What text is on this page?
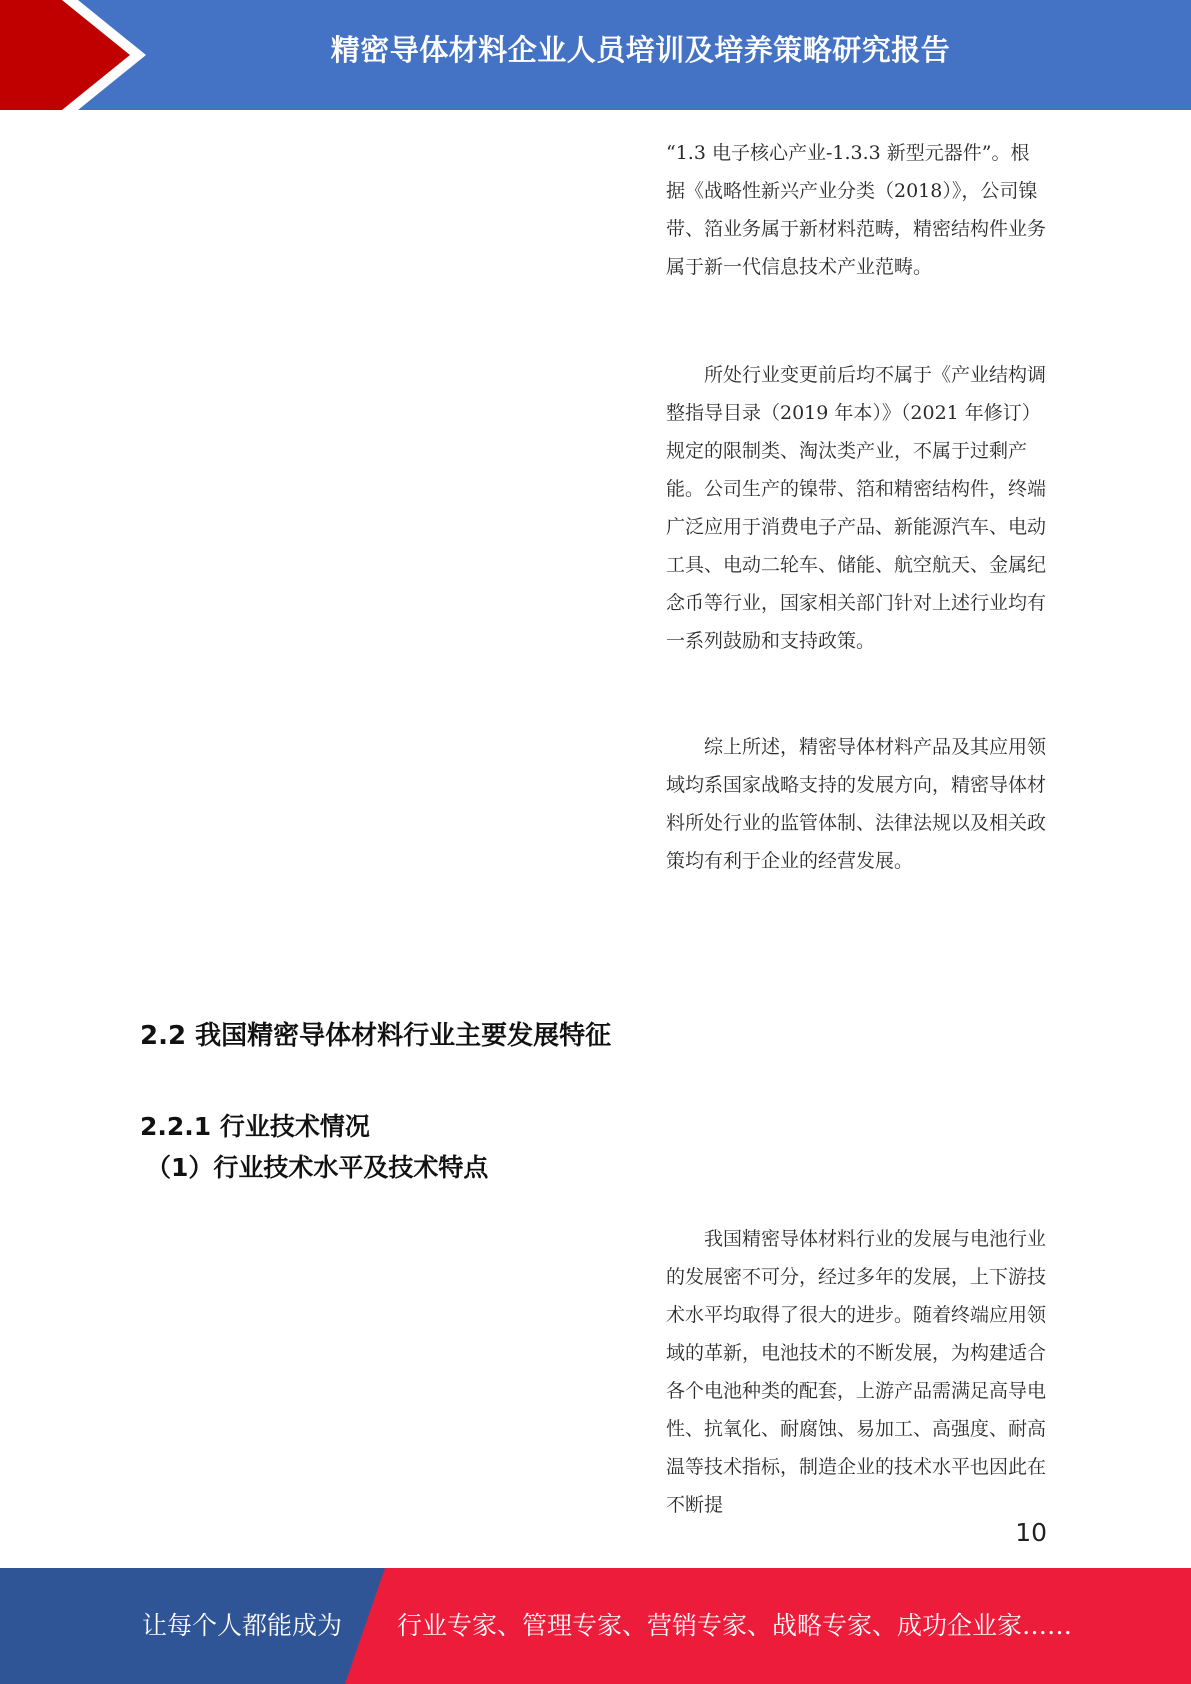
精密导体材料企业人员培训及培养策略研究报告

“1.3 电子核心产业-1.3.3 新型元器件”。根据《战略性新兴产业分类（2018）》，公司镍带、箔业务属于新材料范畴，精密结构件业务属于新一代信息技术产业范畴。

所处行业变更前后均不属于《产业结构调整指导目录（2019 年本）》（2021 年修订）规定的限制类、淘汰类产业，不属于过剩产能。公司生产的镍带、箔和精密结构件，终端广泛应用于消费电子产品、新能源汽车、电动工具、电动二轮车、储能、航空航天、金属纪念币等行业，国家相关部门针对上述行业均有一系列鼓励和支持政策。

综上所述，精密导体材料产品及其应用领域均系国家战略支持的发展方向，精密导体材料所处行业的监管体制、法律法规以及相关政策均有利于企业的经营发展。

2.2 我国精密导体材料行业主要发展特征
2.2.1 行业技术情况
（1）行业技术水平及技术特点

我国精密导体材料行业的发展与电池行业的发展密不可分，经过多年的发展，上下游技术水平均取得了很大的进步。随着终端应用领域的革新，电池技术的不断发展，为构建适合各个电池种类的配套，上游产品需满足高导电性、抗氧化、耐腐蚀、易加工、高强度、耐高温等技术指标，制造企业的技术水平也因此在不断提

10
让每个人都能成为 行业专家、管理专家、营销专家、战略专家、成功企业家……
